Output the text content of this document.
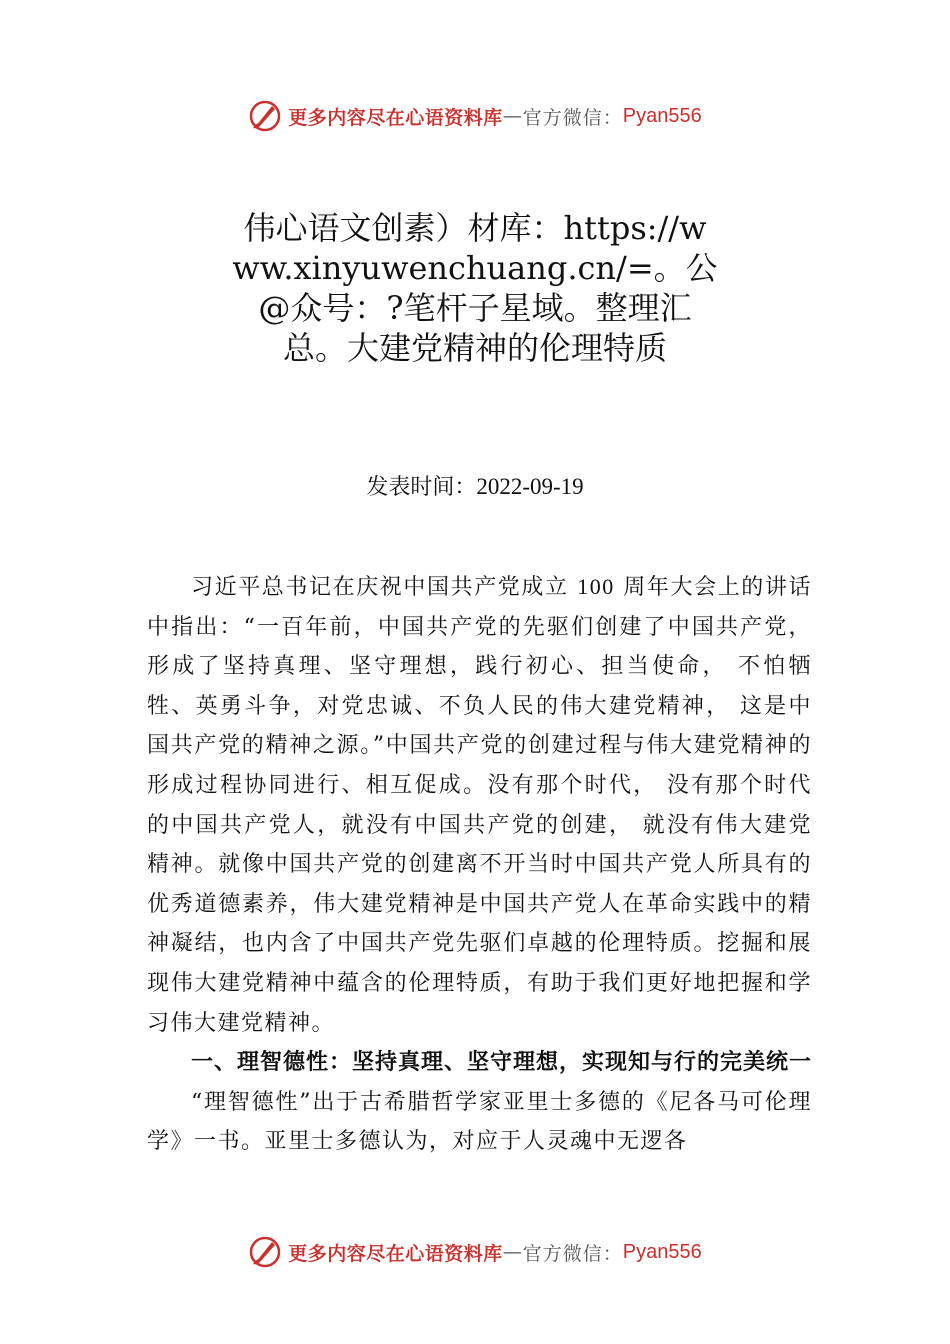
更多内容尽在心语资料库 — 官方微信： Pyan556
伟心语文创素）材库：https://www.xinyuwenchuang.cn/=。公@众号：?笔杆子星域。整理汇总。大建党精神的伦理特质
发表时间：2022-09-19

习近平总书记在庆祝中国共产党成立 100 周年大会上的讲话中指出：“一百年前，中国共产党的先驱们创建了中国共产党，形成了坚持真理、坚守理想，践行初心、担当使命， 不怕牺牲、英勇斗争，对党忠诚、不负人民的伟大建党精神， 这是中国共产党的精神之源。”中国共产党的创建过程与伟大建党精神的形成过程协同进行、相互促成。没有那个时代， 没有那个时代的中国共产党人，就没有中国共产党的创建， 就没有伟大建党精神。就像中国共产党的创建离不开当时中国共产党人所具有的优秀道德素养，伟大建党精神是中国共产党人在革命实践中的精神凝结，也内含了中国共产党先驱们卓越的伦理特质。挖掘和展现伟大建党精神中蕴含的伦理特质，有助于我们更好地把握和学习伟大建党精神。

一、理智德性：坚持真理、坚守理想，实现知与行的完美统一

“理智德性”出于古希腊哲学家亚里士多德的《尼各马可伦理学》一书。亚里士多德认为，对应于人灵魂中无逻各

更多内容尽在心语资料库 — 官方微信： Pyan556
